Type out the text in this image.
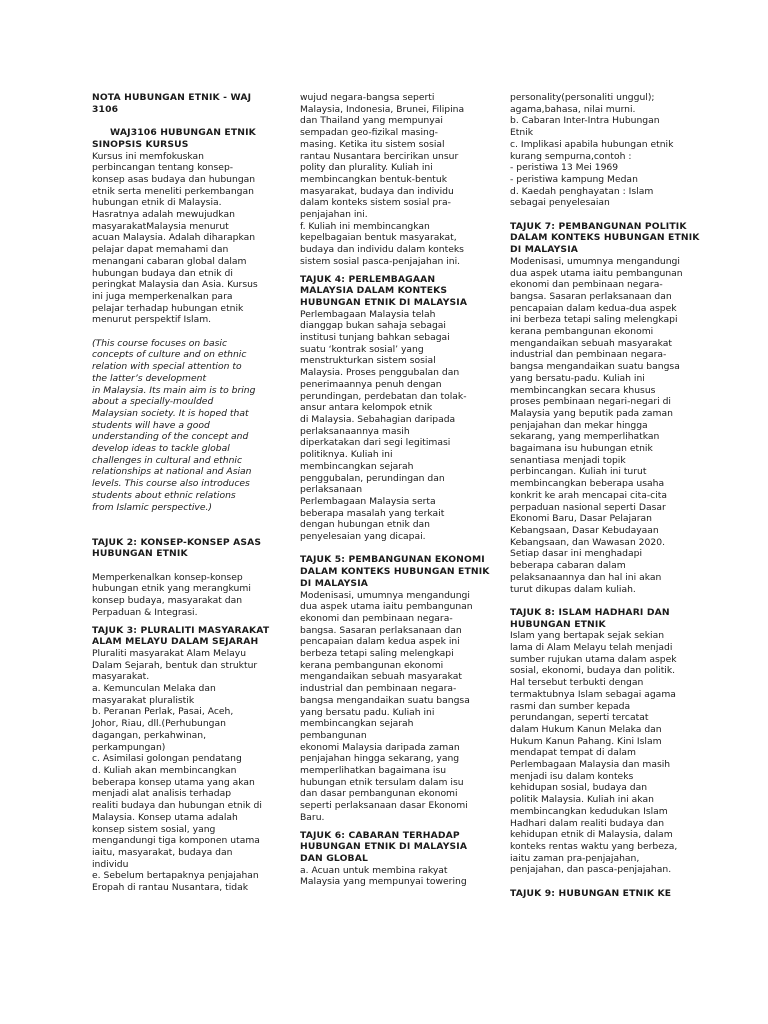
NOTA HUBUNGAN ETNIK - WAJ
3106
WAJ3106 HUBUNGAN ETNIK
SINOPSIS KURSUS
Kursus ini memfokuskan
perbincangan tentang konsep-
konsep asas budaya dan hubungan
etnik serta meneliti perkembangan
hubungan etnik di Malaysia.
Hasratnya adalah mewujudkan
masyarakatMalaysia menurut
acuan Malaysia. Adalah diharapkan
pelajar dapat memahami dan
menangani cabaran global dalam
hubungan budaya dan etnik di
peringkat Malaysia dan Asia. Kursus
ini juga memperkenalkan para
pelajar terhadap hubungan etnik
menurut perspektif Islam.
(This course focuses on basic
concepts of culture and on ethnic
relation with special attention to
the latter’s development
in Malaysia. Its main aim is to bring
about a specially-moulded
Malaysian society. It is hoped that
students will have a good
understanding of the concept and
develop ideas to tackle global
challenges in cultural and ethnic
relationships at national and Asian
levels. This course also introduces
students about ethnic relations
from Islamic perspective.)
TAJUK 2: KONSEP-KONSEP ASAS
HUBUNGAN ETNIK
Memperkenalkan konsep-konsep
hubungan etnik yang merangkumi
konsep budaya, masyarakat dan
Perpaduan & Integrasi.
TAJUK 3: PLURALITI MASYARAKAT
ALAM MELAYU DALAM SEJARAH
Pluraliti masyarakat Alam Melayu
Dalam Sejarah, bentuk dan struktur
masyarakat.
a. Kemunculan Melaka dan
masyarakat pluralistik
b. Peranan Perlak, Pasai, Aceh,
Johor, Riau, dll.(Perhubungan
dagangan, perkahwinan,
perkampungan)
c. Asimilasi golongan pendatang
d. Kuliah akan membincangkan
beberapa konsep utama yang akan
menjadi alat analisis terhadap
realiti budaya dan hubungan etnik di
Malaysia. Konsep utama adalah
konsep sistem sosial, yang
mengandungi tiga komponen utama
iaitu, masyarakat, budaya dan
individu
e. Sebelum bertapaknya penjajahan
Eropah di rantau Nusantara, tidak
wujud negara-bangsa seperti
Malaysia, Indonesia, Brunei, Filipina
dan Thailand yang mempunyai
sempadan geo-fizikal masing-
masing. Ketika itu sistem sosial
rantau Nusantara bercirikan unsur
polity dan plurality. Kuliah ini
membincangkan bentuk-bentuk
masyarakat, budaya dan individu
dalam konteks sistem sosial pra-
penjajahan ini.
f. Kuliah ini membincangkan
kepelbagaian bentuk masyarakat,
budaya dan individu dalam konteks
sistem sosial pasca-penjajahan ini.
TAJUK 4: PERLEMBAGAAN
MALAYSIA DALAM KONTEKS
HUBUNGAN ETNIK DI MALAYSIA
Perlembagaan Malaysia telah
dianggap bukan sahaja sebagai
institusi tunjang bahkan sebagai
suatu ‘kontrak sosial’ yang
menstrukturkan sistem sosial
Malaysia. Proses penggubalan dan
penerimaannya penuh dengan
perundingan, perdebatan dan tolak-
ansur antara kelompok etnik
di Malaysia. Sebahagian daripada
perlaksanaannya masih
diperkatakan dari segi legitimasi
politiknya. Kuliah ini
membincangkan sejarah
penggubalan, perundingan dan
perlaksanaan
Perlembagaan Malaysia serta
beberapa masalah yang terkait
dengan hubungan etnik dan
penyelesaian yang dicapai.
TAJUK 5: PEMBANGUNAN EKONOMI
DALAM KONTEKS HUBUNGAN ETNIK
DI MALAYSIA
Modenisasi, umumnya mengandungi
dua aspek utama iaitu pembangunan
ekonomi dan pembinaan negara-
bangsa. Sasaran perlaksanaan dan
pencapaian dalam kedua aspek ini
berbeza tetapi saling melengkapi
kerana pembangunan ekonomi
mengandaikan sebuah masyarakat
industrial dan pembinaan negara-
bangsa mengandaikan suatu bangsa
yang bersatu padu. Kuliah ini
membincangkan sejarah
pembangunan
ekonomi Malaysia daripada zaman
penjajahan hingga sekarang, yang
memperlihatkan bagaimana isu
hubungan etnik tersulam dalam isu
dan dasar pembangunan ekonomi
seperti perlaksanaan dasar Ekonomi
Baru.
TAJUK 6: CABARAN TERHADAP
HUBUNGAN ETNIK DI MALAYSIA
DAN GLOBAL
a. Acuan untuk membina rakyat
Malaysia yang mempunyai towering
personality(personaliti unggul);
agama,bahasa, nilai murni.
b. Cabaran Inter-Intra Hubungan
Etnik
c. Implikasi apabila hubungan etnik
kurang sempurna,contoh :
- peristiwa 13 Mei 1969
- peristiwa kampung Medan
d. Kaedah penghayatan : Islam
sebagai penyelesaian
TAJUK 7: PEMBANGUNAN POLITIK
DALAM KONTEKS HUBUNGAN ETNIK
DI MALAYSIA
Modenisasi, umumnya mengandungi
dua aspek utama iaitu pembangunan
ekonomi dan pembinaan negara-
bangsa. Sasaran perlaksanaan dan
pencapaian dalam kedua-dua aspek
ini berbeza tetapi saling melengkapi
kerana pembangunan ekonomi
mengandaikan sebuah masyarakat
industrial dan pembinaan negara-
bangsa mengandaikan suatu bangsa
yang bersatu-padu. Kuliah ini
membincangkan secara khusus
proses pembinaan negari-negari di
Malaysia yang beputik pada zaman
penjajahan dan mekar hingga
sekarang, yang memperlihatkan
bagaimana isu hubungan etnik
senantiasa menjadi topik
perbincangan. Kuliah ini turut
membincangkan beberapa usaha
konkrit ke arah mencapai cita-cita
perpaduan nasional seperti Dasar
Ekonomi Baru, Dasar Pelajaran
Kebangsaan, Dasar Kebudayaan
Kebangsaan, dan Wawasan 2020.
Setiap dasar ini menghadapi
beberapa cabaran dalam
pelaksanaannya dan hal ini akan
turut dikupas dalam kuliah.
TAJUK 8: ISLAM HADHARI DAN
HUBUNGAN ETNIK
Islam yang bertapak sejak sekian
lama di Alam Melayu telah menjadi
sumber rujukan utama dalam aspek
sosial, ekonomi, budaya dan politik.
Hal tersebut terbukti dengan
termaktubnya Islam sebagai agama
rasmi dan sumber kepada
perundangan, seperti tercatat
dalam Hukum Kanun Melaka dan
Hukum Kanun Pahang. Kini Islam
mendapat tempat di dalam
Perlembagaan Malaysia dan masih
menjadi isu dalam konteks
kehidupan sosial, budaya dan
politik Malaysia. Kuliah ini akan
membincangkan kedudukan Islam
Hadhari dalam realiti budaya dan
kehidupan etnik di Malaysia, dalam
konteks rentas waktu yang berbeza,
iaitu zaman pra-penjajahan,
penjajahan, dan pasca-penjajahan.
TAJUK 9: HUBUNGAN ETNIK KE
